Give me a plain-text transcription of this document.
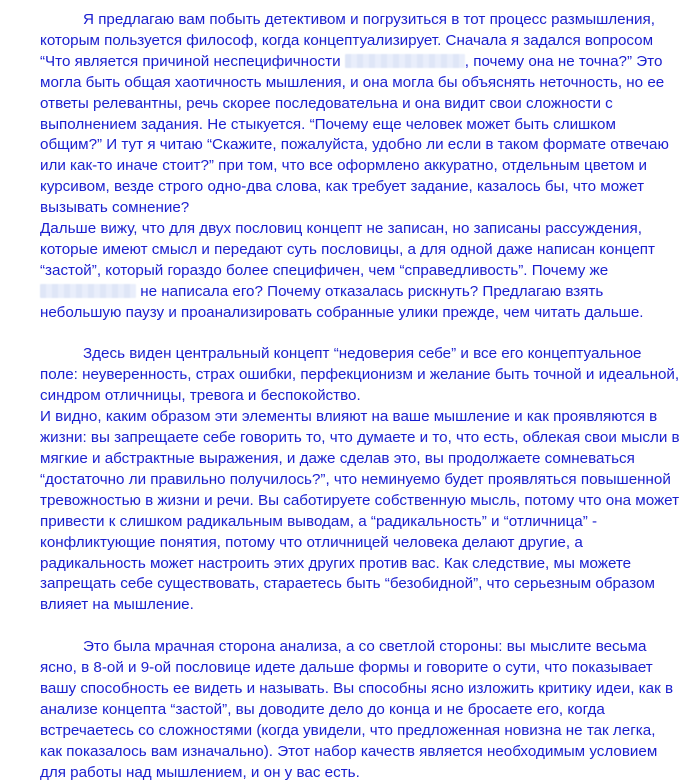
Я предлагаю вам побыть детективом и погрузиться в тот процесс размышления, которым пользуется философ, когда концептуализирует. Сначала я задался вопросом “Что является причиной неспецифичности	, почему она не точна?” Это могла быть общая хаотичность мышления, и она могла бы объяснять неточность, но ее ответы релевантны, речь скорее последовательна и она видит свои сложности с выполнением задания. Не стыкуется. “Почему еще человек может быть слишком общим?” И тут я читаю “Скажите, пожалуйста, удобно ли если в таком формате отвечаю или как-то иначе стоит?” при том, что все оформлено аккуратно, отдельным цветом и курсивом, везде строго одно-два слова, как требует задание, казалось бы, что может вызывать сомнение?

Дальше вижу, что для двух пословиц концепт не записан, но записаны рассуждения, которые имеют смысл и передают суть пословицы, а для одной даже написан концепт “застой”, который гораздо более специфичен, чем “справедливость”. Почему же  не написала его? Почему отказалась рискнуть? Предлагаю взять небольшую паузу и проанализировать собранные улики прежде, чем читать дальше.

Здесь виден центральный концепт “недоверия себе” и все его концептуальное поле: неуверенность, страх ошибки, перфекционизм и желание быть точной и идеальной, синдром отличницы, тревога и беспокойство.

И видно, каким образом эти элементы влияют на ваше мышление и как проявляются в жизни: вы запрещаете себе говорить то, что думаете и то, что есть, облекая свои мысли в мягкие и абстрактные выражения, и даже сделав это, вы продолжаете сомневаться “достаточно ли правильно получилось?”, что неминуемо будет проявляться повышенной тревожностью в жизни и речи. Вы саботируете собственную мысль, потому что она может привести к слишком радикальным выводам, а “радикальность” и “отличница” - конфликтующие понятия, потому что отличницей человека делают другие, а радикальность может настроить этих других против вас. Как следствие, мы можете запрещать себе существовать, стараетесь быть “безобидной”, что серьезным образом влияет на мышление.

Это была мрачная сторона анализа, а со светлой стороны: вы мыслите весьма ясно, в 8-ой и 9-ой пословице идете дальше формы и говорите о сути, что показывает вашу способность ее видеть и называть. Вы способны ясно изложить критику идеи, как в анализе концепта “застой”, вы доводите дело до конца и не бросаете его, когда встречаетесь со сложностями (когда увидели, что предложенная новизна не так легка, как показалось вам изначально). Этот набор качеств является необходимым условием для работы над мышлением, и он у вас есть.
